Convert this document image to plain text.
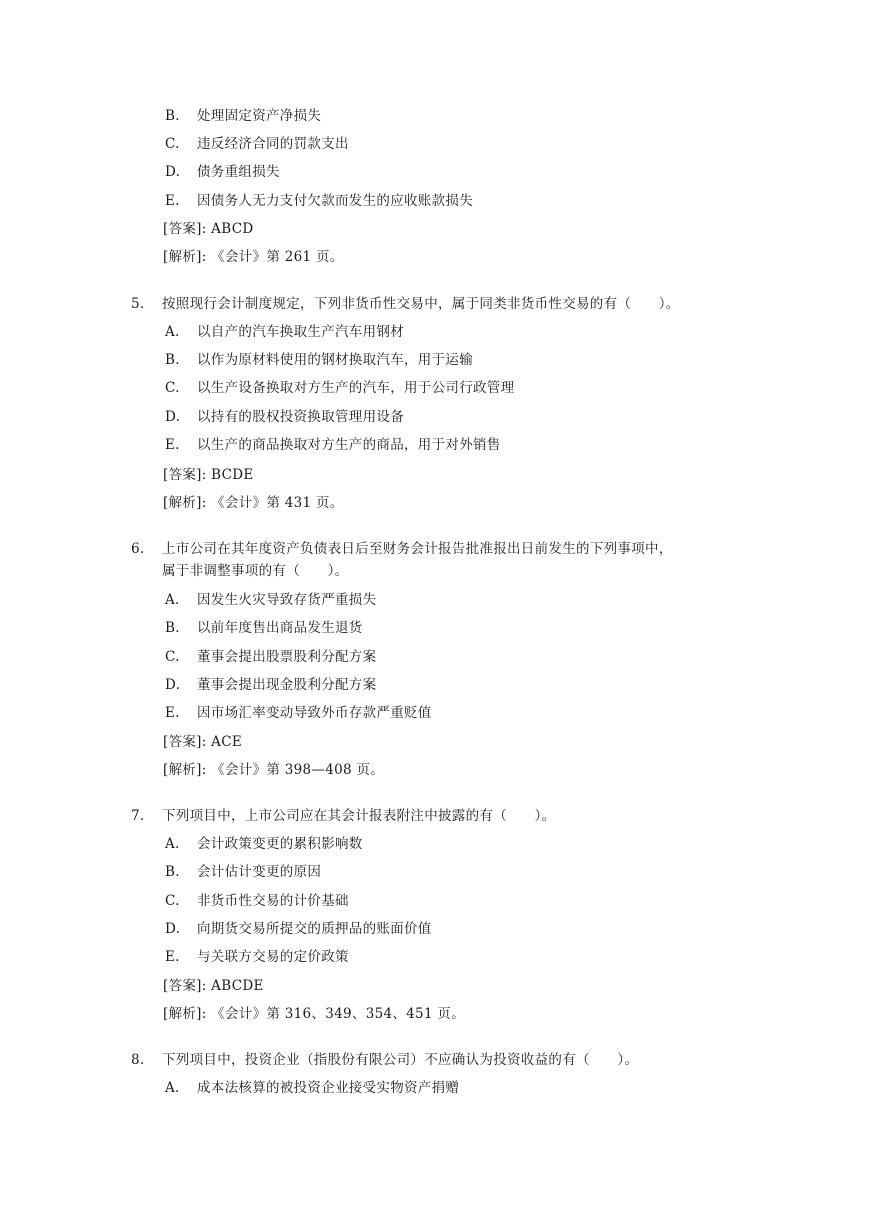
B. 处理固定资产净损失
C. 违反经济合同的罚款支出
D. 债务重组损失
E. 因债务人无力支付欠款而发生的应收账款损失
[答案]: ABCD
[解析]: 《会计》第 261 页。
5. 按照现行会计制度规定，下列非货币性交易中，属于同类非货币性交易的有（　　）。
A. 以自产的汽车换取生产汽车用钢材
B. 以作为原材料使用的钢材换取汽车，用于运输
C. 以生产设备换取对方生产的汽车，用于公司行政管理
D. 以持有的股权投资换取管理用设备
E. 以生产的商品换取对方生产的商品，用于对外销售
[答案]: BCDE
[解析]: 《会计》第 431 页。
6. 上市公司在其年度资产负债表日后至财务会计报告批准报出日前发生的下列事项中，
属于非调整事项的有（　　）。
A. 因发生火灾导致存货严重损失
B. 以前年度售出商品发生退货
C. 董事会提出股票股利分配方案
D. 董事会提出现金股利分配方案
E. 因市场汇率变动导致外币存款严重贬值
[答案]: ACE
[解析]: 《会计》第 398—408 页。
7. 下列项目中，上市公司应在其会计报表附注中披露的有（　　）。
A. 会计政策变更的累积影响数
B. 会计估计变更的原因
C. 非货币性交易的计价基础
D. 向期货交易所提交的质押品的账面价值
E. 与关联方交易的定价政策
[答案]: ABCDE
[解析]: 《会计》第 316、349、354、451 页。
8. 下列项目中，投资企业（指股份有限公司）不应确认为投资收益的有（　　）。
A. 成本法核算的被投资企业接受实物资产捐赠
